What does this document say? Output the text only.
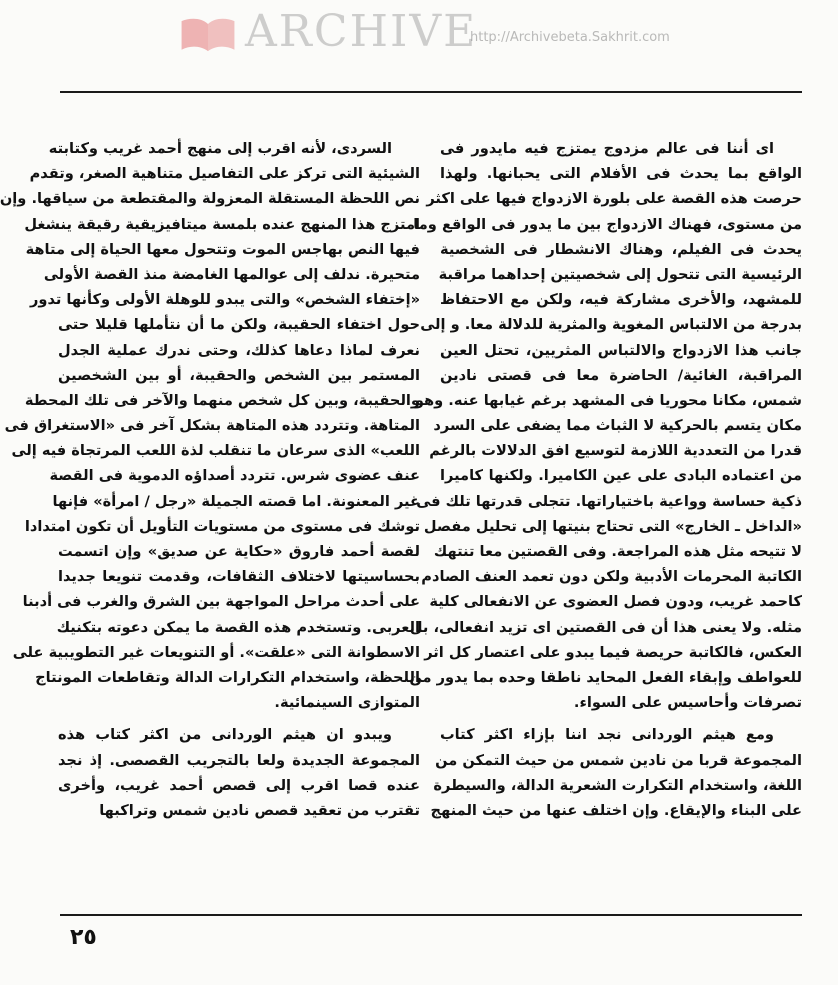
ARCHIVE
http://Archivebeta.Sakhrit.com
اى أننا فى عالم مزدوج يمتزج فيه مايدور فى
الواقع بما يحدث فى الأفلام التى يحبانها. ولهذا
حرصت هذه القصة على بلورة الازدواج فيها على اكثر
من مستوى، فهناك الازدواج بين ما يدور فى الواقع وما
يحدث فى الفيلم، وهناك الانشطار فى الشخصية
الرئيسية التى تتحول إلى شخصيتين إحداهما مراقبة
للمشهد، والأخرى مشاركة فيه، ولكن مع الاحتفاظ
بدرجة من الالتباس المغوية والمثرية للدلالة معا. و إلى
جانب هذا الازدواج والالتباس المثريين، تحتل العين
المراقبة، الغائية/ الحاضرة معا فى قصتى نادين
شمس، مكانا محوريا فى المشهد برغم غيابها عنه. وهو
مكان يتسم بالحركية لا الثباث مما يضفى على السرد
قدرا من التعددية اللازمة لتوسيع افق الدلالات بالرغم
من اعتماده البادى على عين الكاميرا. ولكنها كاميرا
ذكية حساسة وواعية باختياراتها. تتجلى قدرتها تلك فى
«الداخل ـ الخارج» التى تحتاج بنيتها إلى تحليل مفصل
لا تتيحه مثل هذه المراجعة. وفى القصتين معا تنتهك
الكاتبة المحرمات الأدبية ولكن دون تعمد العنف الصادم
كاحمد غريب، ودون فصل العضوى عن الانفعالى كلية
مثله. ولا يعنى هذا أن فى القصتين اى تزيد انفعالى، بل
العكس، فالكاتبة حريصة فيما يبدو على اعتصار كل اثر
للعواطف وإبقاء الفعل المحايد ناطقا وحده بما يدور من
تصرفات وأحاسيس على السواء.
ومع هيثم الوردانى نجد اننا بإزاء اكثر كتاب
المجموعة قربا من نادين شمس من حيث التمكن من
اللغة، واستخدام التكرارت الشعرية الدالة، والسيطرة
على البناء والإيقاع. وإن اختلف عنها من حيث المنهج
السردى، لأنه اقرب إلى منهج أحمد غريب وكتابته
الشيئية التى تركز على التفاصيل متناهية الصغر، وتقدم
نص اللحظة المستقلة المعزولة والمقتطعة من سياقها. وإن
امتزج هذا المنهج عنده بلمسة ميتافيزيقية رقيقة ينشغل
فيها النص بهاجس الموت وتتحول معها الحياة إلى متاهة
متحيرة. ندلف إلى عوالمها الغامضة منذ القصة الأولى
«إختفاء الشخص» والتى يبدو للوهلة الأولى وكأنها تدور
حول اختفاء الحقيبة، ولكن ما أن نتأملها قليلا حتى
نعرف لماذا دعاها كذلك، وحتى ندرك عملية الجدل
المستمر بين الشخص والحقيبة، أو بين الشخصين
والحقيبة، وبين كل شخص منهما والآخر فى تلك المحطة
المتاهة. وتتردد هذه المتاهة بشكل آخر فى «الاستغراق فى
اللعب» الذى سرعان ما تنقلب لذة اللعب المرتجاة فيه إلى
عنف عضوى شرس. تتردد أصداؤه الدموية فى القصة
غير المعنونة. اما قصته الجميلة «رجل / امرأة» فإنها
توشك فى مستوى من مستويات التأويل أن تكون امتدادا
لقصة أحمد فاروق «حكاية عن صديق» وإن اتسمت
بحساسيتها لاختلاف الثقافات، وقدمت تنويعا جديدا
على أحدث مراحل المواجهة بين الشرق والغرب فى أدبنا
العربى. وتستخدم هذه القصة ما يمكن دعوته بتكنيك
الاسطوانة التى «علقت». أو التنويعات غير التطويبية على
اللحظة، واستخدام التكرارات الدالة وتقاطعات المونتاج
المتوازى السينمائية.
ويبدو ان هيثم الوردانى من اكثر كتاب هذه
المجموعة الجديدة ولعا بالتجريب القصصى. إذ نجد
عنده قصا اقرب إلى قصص أحمد غريب، وأخرى
تقترب من تعقيد قصص نادين شمس وتراكبها
٢٥
